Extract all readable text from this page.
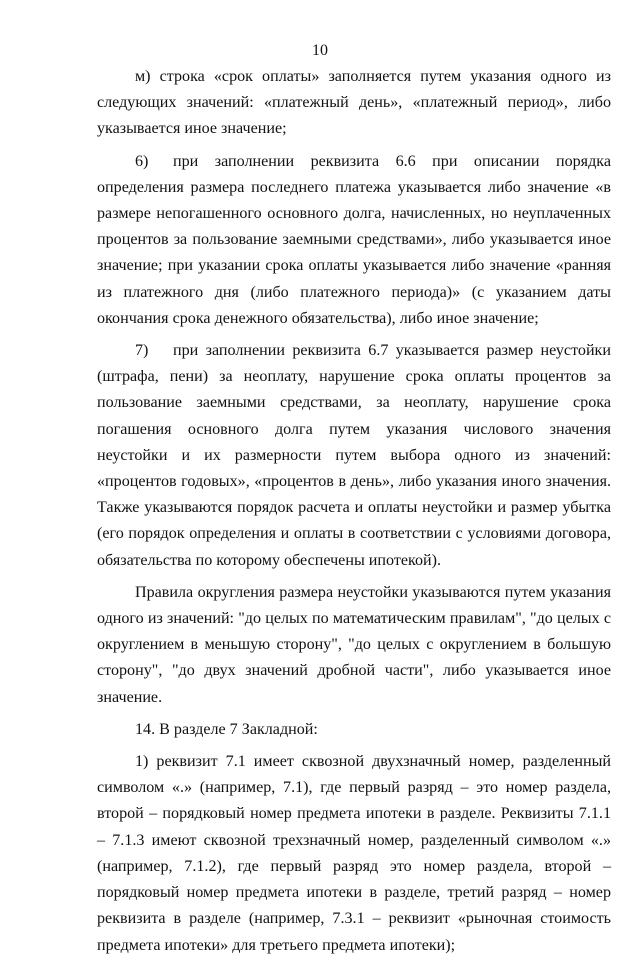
10

м) строка «срок оплаты» заполняется путем указания одного из следующих значений: «платежный день», «платежный период», либо указывается иное значение;

6) при заполнении реквизита 6.6 при описании порядка определения размера последнего платежа указывается либо значение «в размере непогашенного основного долга, начисленных, но неуплаченных процентов за пользование заемными средствами», либо указывается иное значение; при указании срока оплаты указывается либо значение «ранняя из платежного дня (либо платежного периода)» (с указанием даты окончания срока денежного обязательства), либо иное значение;

7) при заполнении реквизита 6.7 указывается размер неустойки (штрафа, пени) за неоплату, нарушение срока оплаты процентов за пользование заемными средствами, за неоплату, нарушение срока погашения основного долга путем указания числового значения неустойки и их размерности путем выбора одного из значений: «процентов годовых», «процентов в день», либо указания иного значения. Также указываются порядок расчета и оплаты неустойки и размер убытка (его порядок определения и оплаты в соответствии с условиями договора, обязательства по которому обеспечены ипотекой).

Правила округления размера неустойки указываются путем указания одного из значений: "до целых по математическим правилам", "до целых с округлением в меньшую сторону", "до целых с округлением в большую сторону", "до двух значений дробной части", либо указывается иное значение.

14. В разделе 7 Закладной:

1) реквизит 7.1 имеет сквозной двухзначный номер, разделенный символом «.» (например, 7.1), где первый разряд – это номер раздела, второй – порядковый номер предмета ипотеки в разделе. Реквизиты 7.1.1 – 7.1.3 имеют сквозной трехзначный номер, разделенный символом «.» (например, 7.1.2), где первый разряд это номер раздела, второй – порядковый номер предмета ипотеки в разделе, третий разряд – номер реквизита в разделе (например, 7.3.1 – реквизит «рыночная стоимость предмета ипотеки» для третьего предмета ипотеки);
